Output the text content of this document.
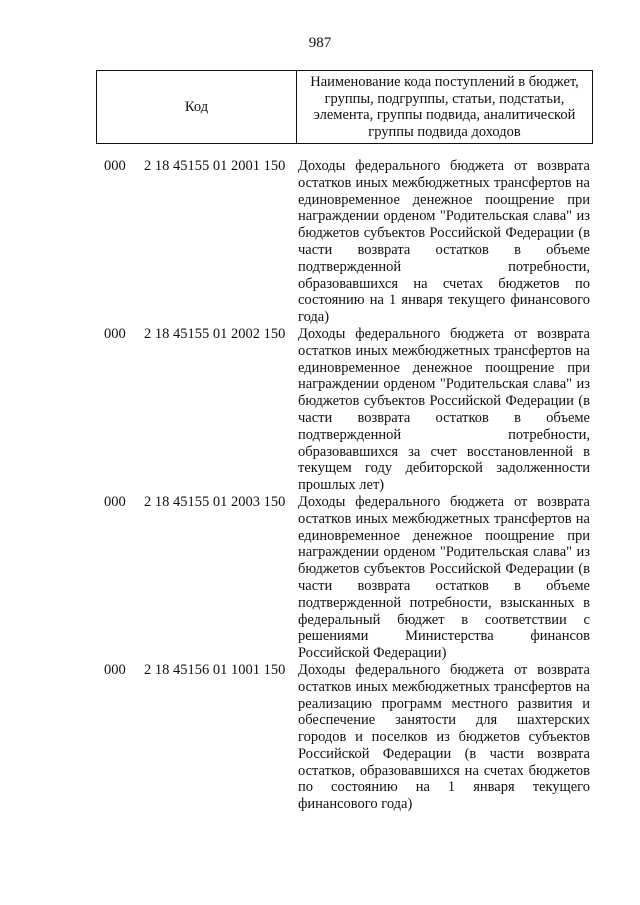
987
Код
Наименование кода поступлений в бюджет, группы, подгруппы, статьи, подстатьи, элемента, группы подвида, аналитической группы подвида доходов
000 2 18 45155 01 2001 150 Доходы федерального бюджета от возврата остатков иных межбюджетных трансфертов на единовременное денежное поощрение при награждении орденом "Родительская слава" из бюджетов субъектов Российской Федерации (в части возврата остатков в объеме подтвержденной потребности, образовавшихся на счетах бюджетов по состоянию на 1 января текущего финансового года)
000 2 18 45155 01 2002 150 Доходы федерального бюджета от возврата остатков иных межбюджетных трансфертов на единовременное денежное поощрение при награждении орденом "Родительская слава" из бюджетов субъектов Российской Федерации (в части возврата остатков в объеме подтвержденной потребности, образовавшихся за счет восстановленной в текущем году дебиторской задолженности прошлых лет)
000 2 18 45155 01 2003 150 Доходы федерального бюджета от возврата остатков иных межбюджетных трансфертов на единовременное денежное поощрение при награждении орденом "Родительская слава" из бюджетов субъектов Российской Федерации (в части возврата остатков в объеме подтвержденной потребности, взысканных в федеральный бюджет в соответствии с решениями Министерства финансов Российской Федерации)
000 2 18 45156 01 1001 150 Доходы федерального бюджета от возврата остатков иных межбюджетных трансфертов на реализацию программ местного развития и обеспечение занятости для шахтерских городов и поселков из бюджетов субъектов Российской Федерации (в части возврата остатков, образовавшихся на счетах бюджетов по состоянию на 1 января текущего финансового года)
